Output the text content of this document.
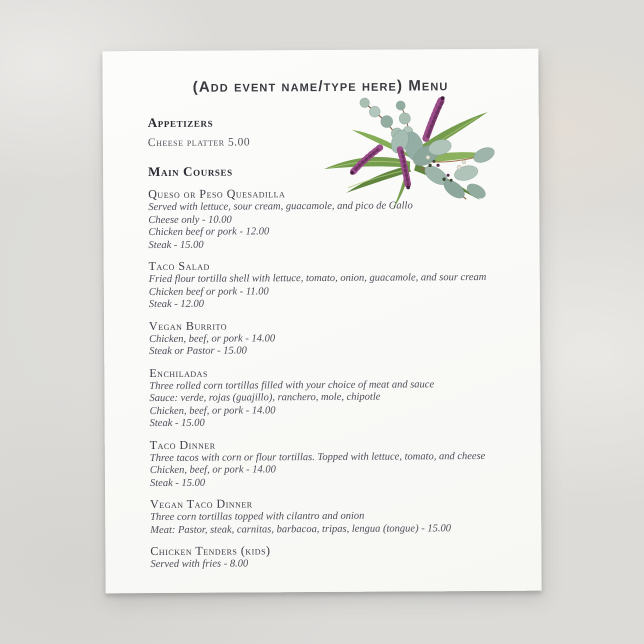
(Add event name/type here) Menu
Appetizers
Cheese platter 5.00
Main Courses
Queso or Peso Quesadilla

Served with lettuce, sour cream, guacamole, and pico de Gallo

Cheese only - 10.00

Chicken beef or pork - 12.00

Steak - 15.00

Taco Salad

Fried flour tortilla shell with lettuce, tomato, onion, guacamole, and sour cream

Chicken beef or pork - 11.00

Steak - 12.00

Vegan Burrito

Chicken, beef, or pork - 14.00

Steak or Pastor - 15.00

Enchiladas

Three rolled corn tortillas filled with your choice of meat and sauce

Sauce: verde, rojas (guajillo), ranchero, mole, chipotle

Chicken, beef, or pork - 14.00

Steak - 15.00

Taco Dinner

Three tacos with corn or flour tortillas. Topped with lettuce, tomato, and cheese

Chicken, beef, or pork - 14.00

Steak - 15.00

Vegan Taco Dinner

Three corn tortillas topped with cilantro and onion

Meat: Pastor, steak, carnitas, barbacoa, tripas, lengua (tongue) - 15.00

Chicken Tenders (kids)

Served with fries - 8.00
